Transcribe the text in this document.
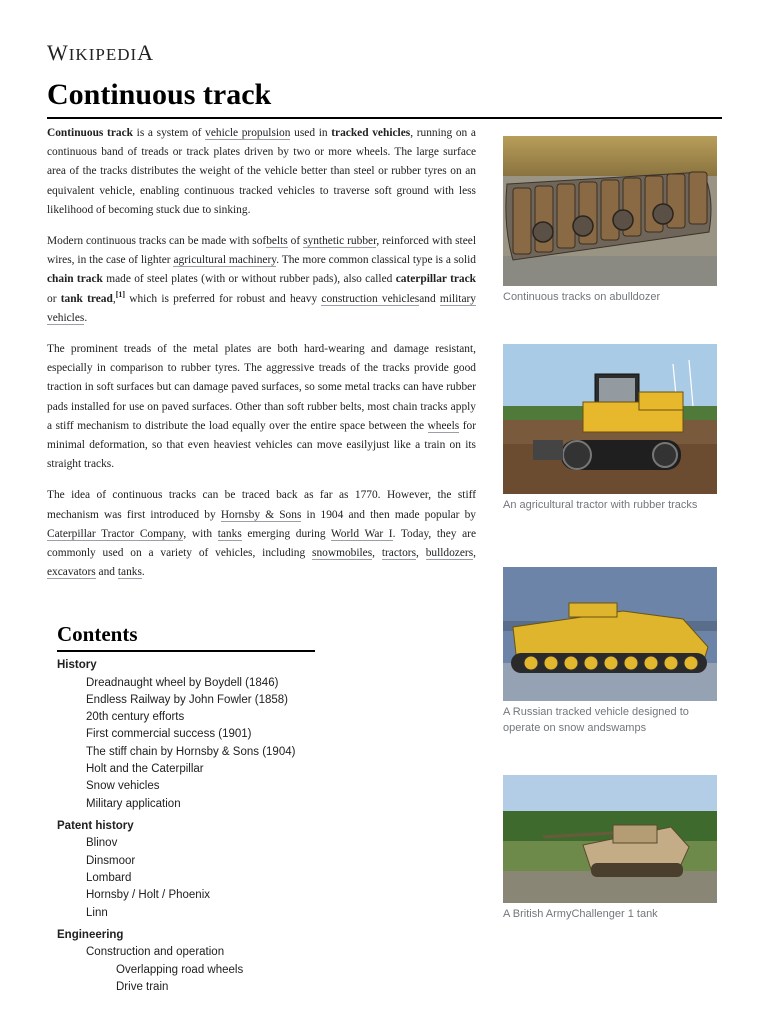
WIKIPEDIA
Continuous track

Continuous track is a system of vehicle propulsion used in tracked vehicles, running on a continuous band of treads or track plates driven by two or more wheels. The large surface area of the tracks distributes the weight of the vehicle better than steel or rubber tyres on an equivalent vehicle, enabling continuous tracked vehicles to traverse soft ground with less likelihood of becoming stuck due to sinking.

Modern continuous tracks can be made with sofbelts of synthetic rubber, reinforced with steel wires, in the case of lighter agricultural machinery. The more common classical type is a solid chain track made of steel plates (with or without rubber pads), also called caterpillar track or tank tread,[1] which is preferred for robust and heavy construction vehiclesand military vehicles.

The prominent treads of the metal plates are both hard-wearing and damage resistant, especially in comparison to rubber tyres. The aggressive treads of the tracks provide good traction in soft surfaces but can damage paved surfaces, so some metal tracks can have rubber pads installed for use on paved surfaces. Other than soft rubber belts, most chain tracks apply a stiff mechanism to distribute the load equally over the entire space between the wheels for minimal deformation, so that even heaviest vehicles can move easilyjust like a train on its straight tracks.

The idea of continuous tracks can be traced back as far as 1770. However, the stiff mechanism was first introduced by Hornsby & Sons in 1904 and then made popular by Caterpillar Tractor Company, with tanks emerging during World War I. Today, they are commonly used on a variety of vehicles, including snowmobiles, tractors, bulldozers, excavators and tanks.

Continuous tracks on abulldozer
An agricultural tractor with rubber tracks
A Russian tracked vehicle designed to operate on snow andswamps
A British ArmyChallenger 1 tank
Contents
History
Dreadnaught wheel by Boydell (1846)
Endless Railway by John Fowler (1858)
20th century efforts
First commercial success (1901)
The stiff chain by Hornsby & Sons (1904)
Holt and the Caterpillar
Snow vehicles
Military application
Patent history
Blinov
Dinsmoor
Lombard
Hornsby / Holt / Phoenix
Linn
Engineering
Construction and operation
Overlapping road wheels
Drive train
